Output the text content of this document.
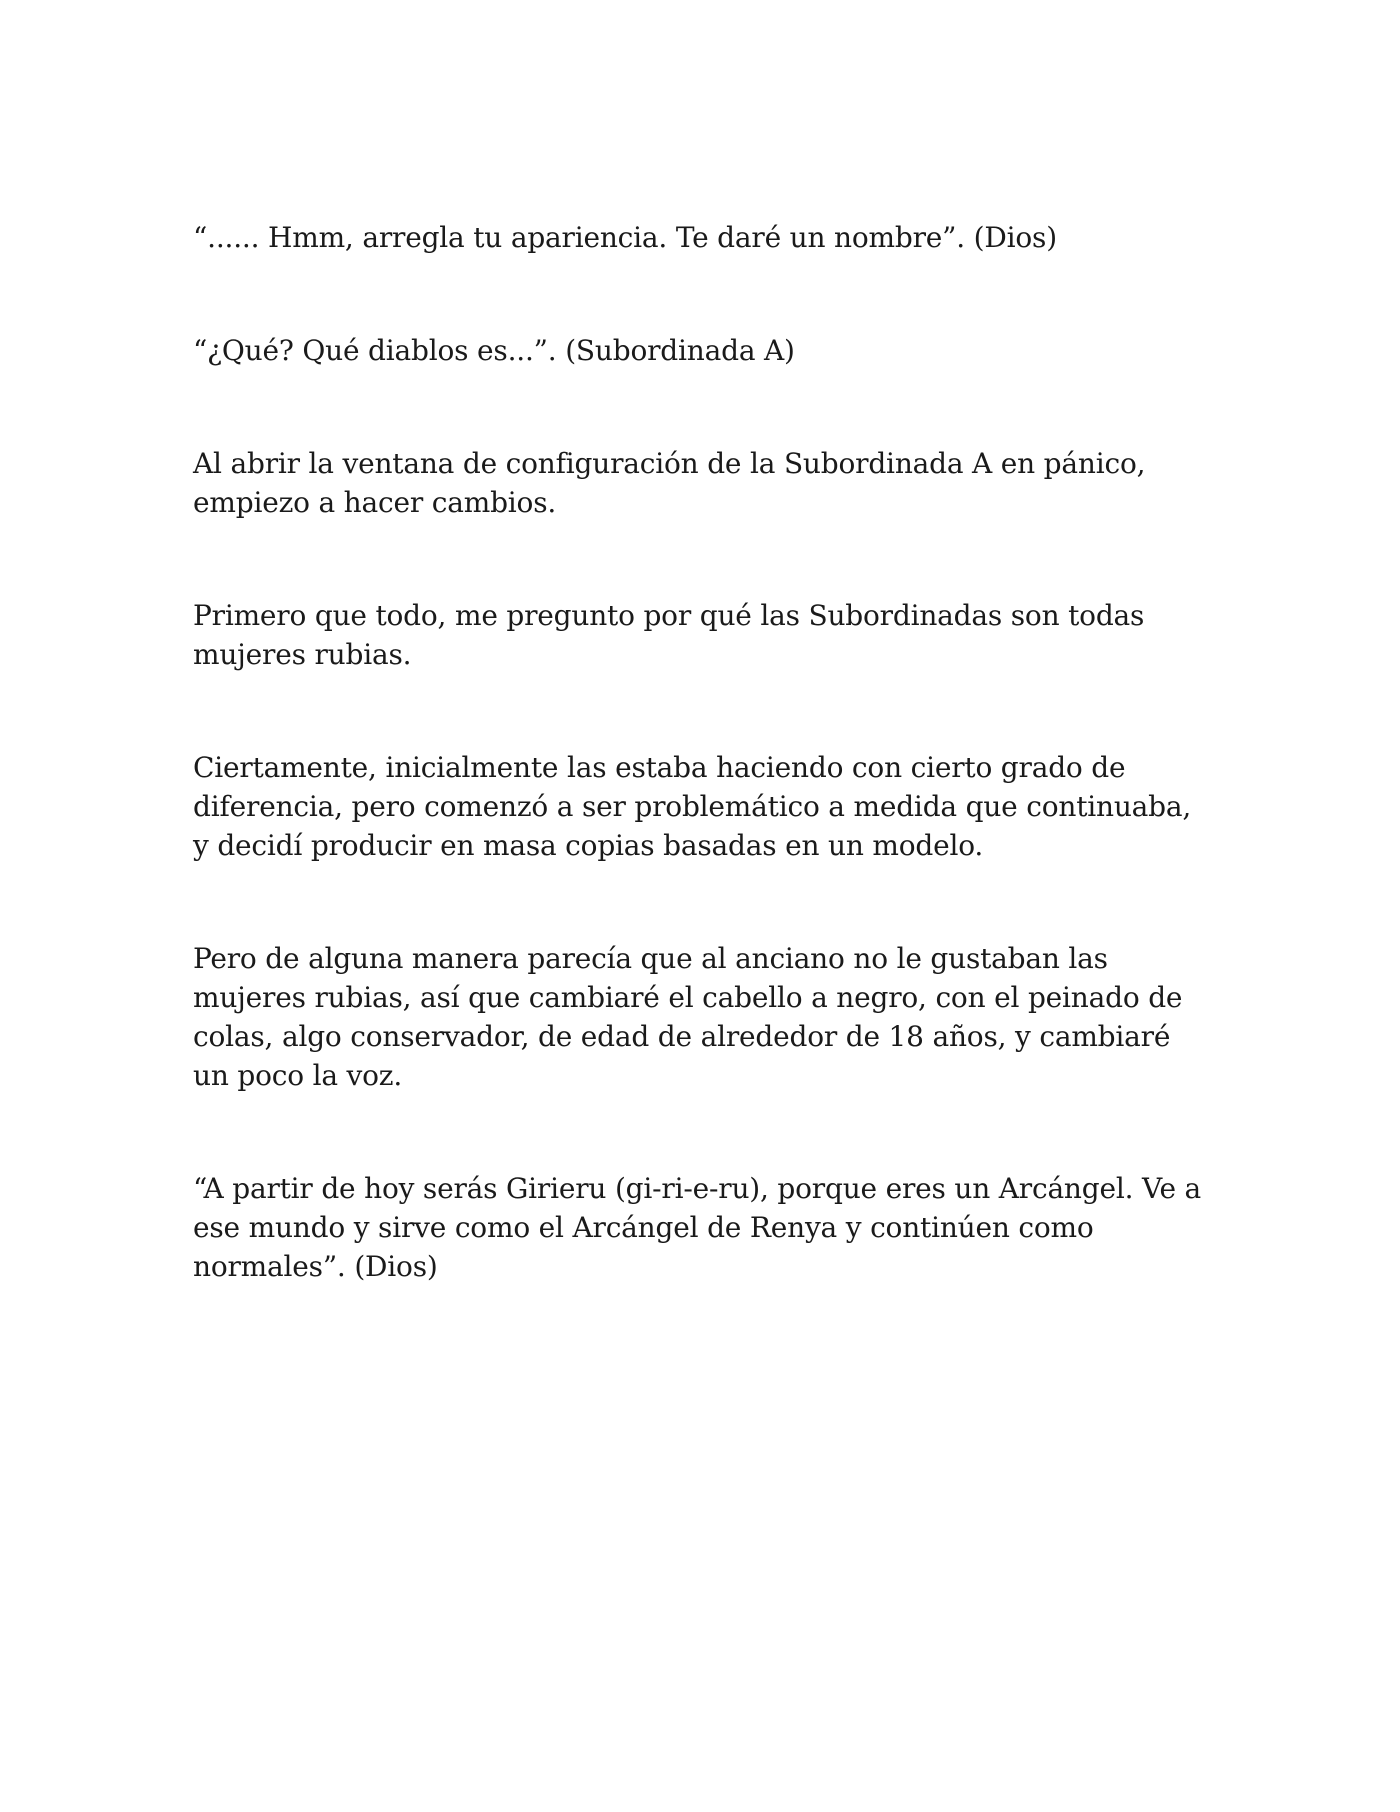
“...... Hmm, arregla tu apariencia. Te daré un nombre”. (Dios)

“¿Qué? Qué diablos es...”. (Subordinada A)

Al abrir la ventana de configuración de la Subordinada A en pánico, empiezo a hacer cambios.

Primero que todo, me pregunto por qué las Subordinadas son todas mujeres rubias.

Ciertamente, inicialmente las estaba haciendo con cierto grado de diferencia, pero comenzó a ser problemático a medida que continuaba, y decidí producir en masa copias basadas en un modelo.

Pero de alguna manera parecía que al anciano no le gustaban las mujeres rubias, así que cambiaré el cabello a negro, con el peinado de colas, algo conservador, de edad de alrededor de 18 años, y cambiaré un poco la voz.

“A partir de hoy serás Girieru (gi-ri-e-ru), porque eres un Arcángel. Ve a ese mundo y sirve como el Arcángel de Renya y continúen como normales”. (Dios)
